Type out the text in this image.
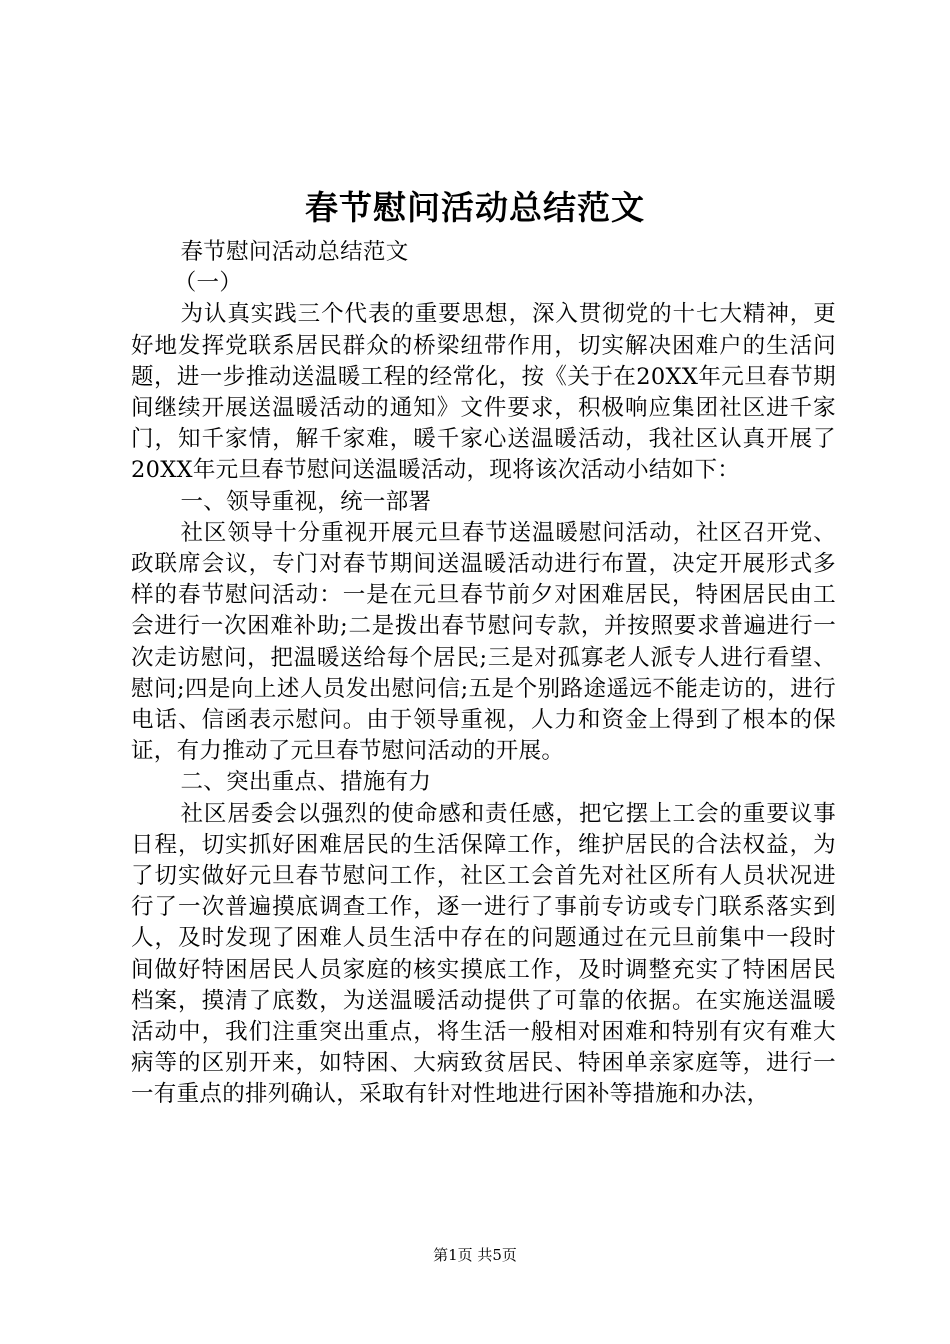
春节慰问活动总结范文

春节慰问活动总结范文

（一）

为认真实践三个代表的重要思想，深入贯彻党的十七大精神，更好地发挥党联系居民群众的桥梁纽带作用，切实解决困难户的生活问题，进一步推动送温暖工程的经常化，按《关于在20XX年元旦春节期间继续开展送温暖活动的通知》文件要求，积极响应集团社区进千家门，知千家情，解千家难，暖千家心送温暖活动，我社区认真开展了20XX年元旦春节慰问送温暖活动，现将该次活动小结如下：

一、领导重视，统一部署

社区领导十分重视开展元旦春节送温暖慰问活动，社区召开党、政联席会议，专门对春节期间送温暖活动进行布置，决定开展形式多样的春节慰问活动：一是在元旦春节前夕对困难居民，特困居民由工会进行一次困难补助;二是拨出春节慰问专款，并按照要求普遍进行一次走访慰问，把温暖送给每个居民;三是对孤寡老人派专人进行看望、慰问;四是向上述人员发出慰问信;五是个别路途遥远不能走访的，进行电话、信函表示慰问。由于领导重视，人力和资金上得到了根本的保证，有力推动了元旦春节慰问活动的开展。

二、突出重点、措施有力

社区居委会以强烈的使命感和责任感，把它摆上工会的重要议事日程，切实抓好困难居民的生活保障工作，维护居民的合法权益，为了切实做好元旦春节慰问工作，社区工会首先对社区所有人员状况进行了一次普遍摸底调查工作，逐一进行了事前专访或专门联系落实到人，及时发现了困难人员生活中存在的问题通过在元旦前集中一段时间做好特困居民人员家庭的核实摸底工作，及时调整充实了特困居民档案，摸清了底数，为送温暖活动提供了可靠的依据。在实施送温暖活动中，我们注重突出重点，将生活一般相对困难和特别有灾有难大病等的区别开来，如特困、大病致贫居民、特困单亲家庭等，进行一一有重点的排列确认，采取有针对性地进行困补等措施和办法，

第1页 共5页
